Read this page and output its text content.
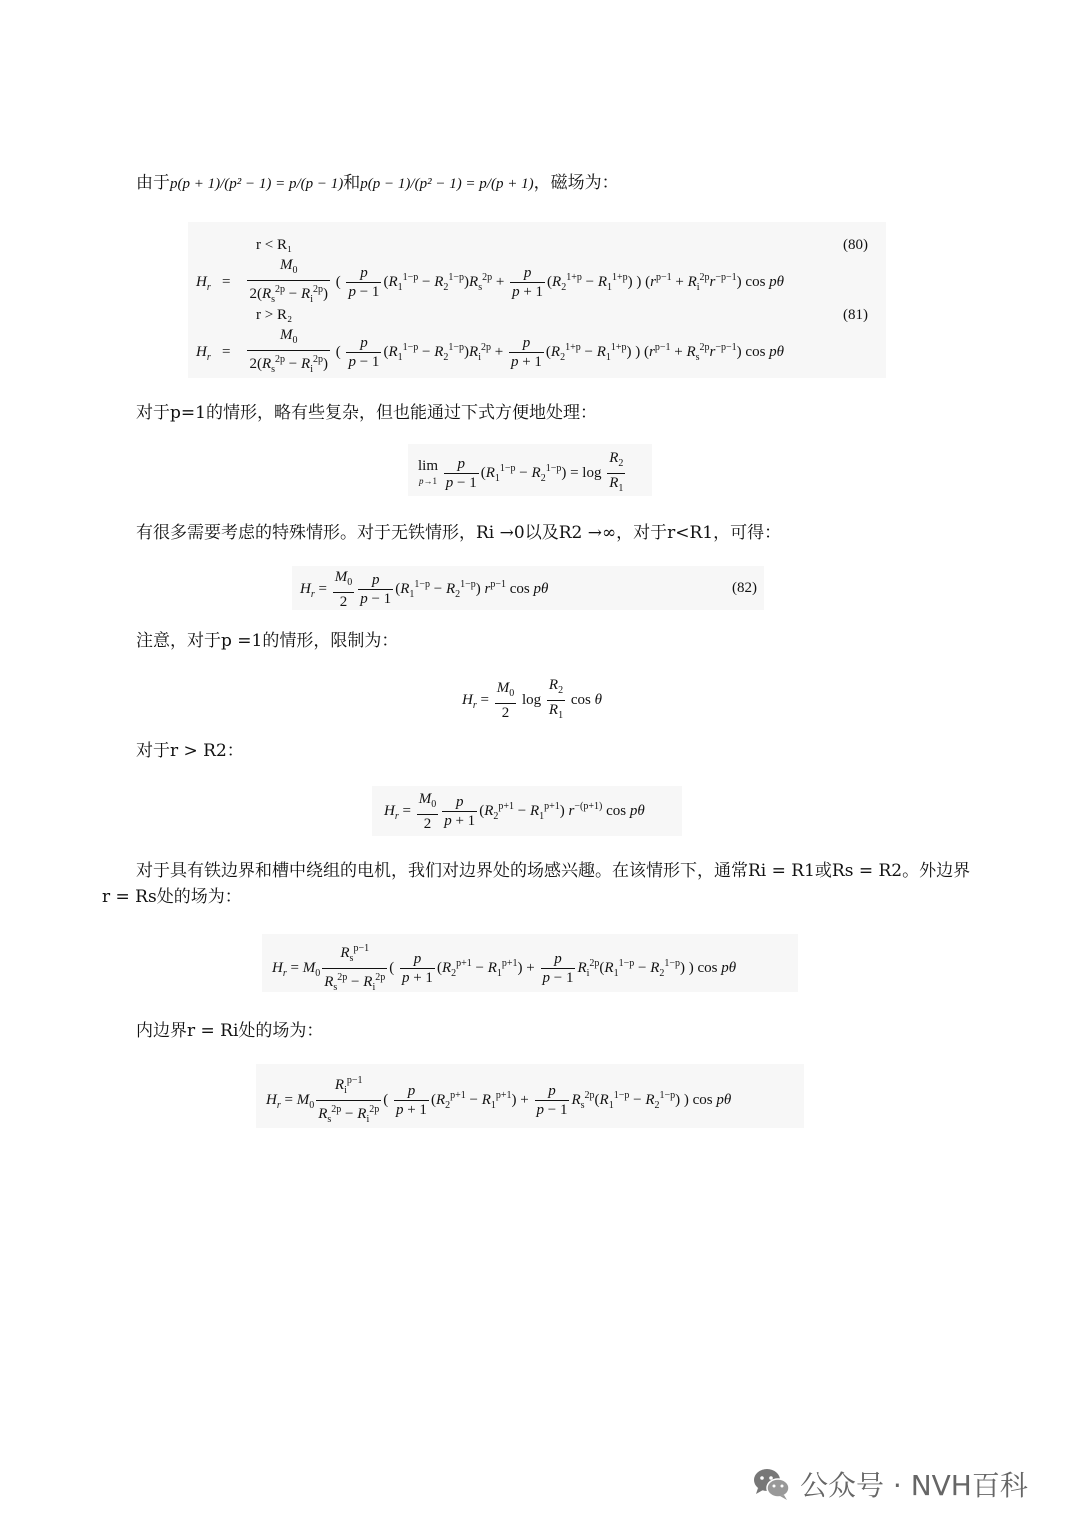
由于p(p + 1)/(p² − 1) = p/(p − 1)和p(p − 1)/(p² − 1) = p/(p + 1)，磁场为：
r < R₁	(80)
$H_r = \frac{M_0}{2(R_s^{2p} - R_i^{2p})}$ ( $\frac{p}{p - 1} (R_1^{1-p} - R_2^{1-p})R_s^{2p} + \frac{p}{p + 1} (R_2^{1+p} - R_1^{1+p})$ ) $(r^{p-1} + R_i^{2p}r^{-p-1})$ cos pθ
r > R₂	(81)
$H_r = \frac{M_0}{2(R_s^{2p} - R_i^{2p})}$ ( $\frac{p}{p - 1} (R_1^{1-p} - R_2^{1-p})R_i^{2p} + \frac{p}{p + 1} (R_2^{1+p} - R_1^{1+p})$ ) $(r^{p-1} + R_s^{2p}r^{-p-1})$ cos pθ
对于p=1的情形，略有些复杂，但也能通过下式方便地处理：
lim
$p\to 1 \frac{p}{p - 1} (R_1^{1-p} - R_2^{1-p}) = \log \frac{R_2}{R_1}$
有很多需要考虑的特殊情形。对于无铁情形，Ri →0以及R2 →∞，对于r<R1，可得：
$H_r = \frac{M_0}{2} \frac{p}{p - 1} (R_1^{1-p} - R_2^{1-p})$ $r^{p-1}$ cos pθ	(82)
注意，对于p =1的情形，限制为：
$H_r = \frac{M_0}{2}$ $\log \frac{R_2}{R_1}$ cos θ
对于r > R2：
$H_r = \frac{M_0}{2} \frac{p}{p + 1} (R_2^{p+1} - R_1^{p+1})$ $r^{-(p+1)}$ cos pθ
对于具有铁边界和槽中绕组的电机，我们对边界处的场感兴趣。在该情形下，通常Ri = R1或Rs = R2。外边界r = Rs处的场为：
$H_r = M_0 \frac{R_s^{p-1}}{R_s^{2p} - R_i^{2p}}$ ( $\frac{p}{p + 1} (R_2^{p+1} - R_1^{p+1}) + \frac{p}{p - 1} R_i^{2p}(R_1^{1-p} - R_2^{1-p})$ ) cos pθ
内边界r = Ri处的场为：
$H_r = M_0 \frac{R_i^{p-1}}{R_s^{2p} - R_i^{2p}}$ ( $\frac{p}{p + 1} (R_2^{p+1} - R_1^{p+1}) + \frac{p}{p - 1} R_s^{2p}(R_1^{1-p} - R_2^{1-p})$ ) cos pθ
公众号 · NVH百科
